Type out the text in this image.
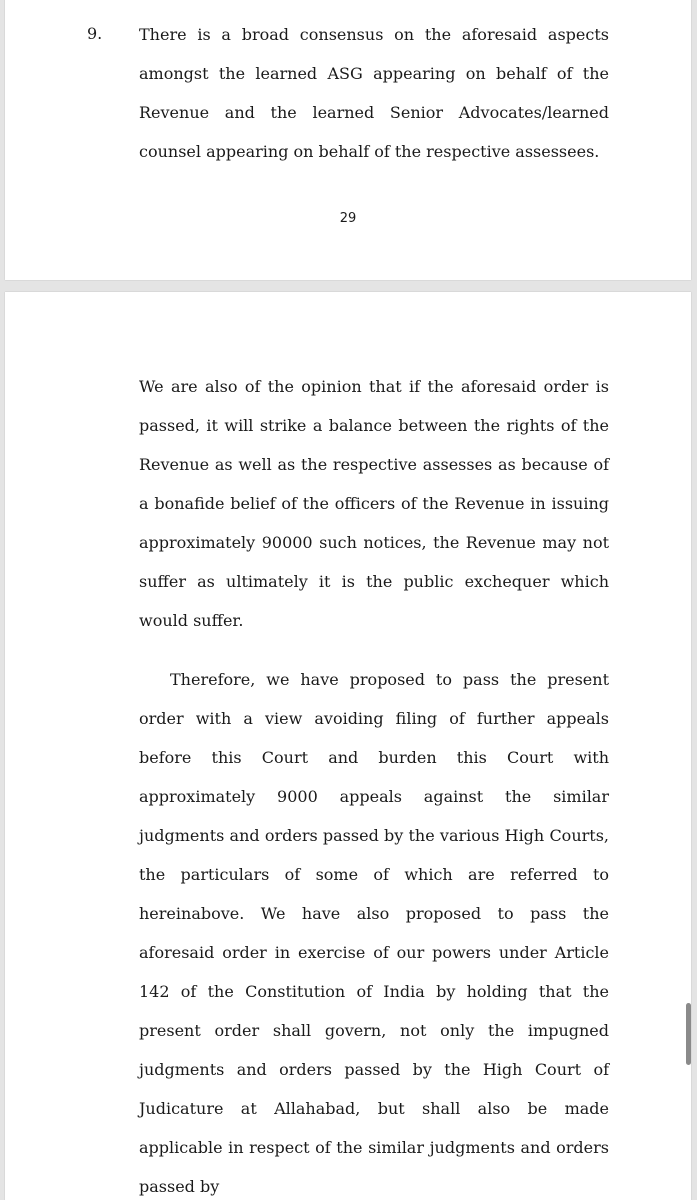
9. There is a broad consensus on the aforesaid aspects amongst the learned ASG appearing on behalf of the Revenue and the learned Senior Advocates/learned counsel appearing on behalf of the respective assessees.

29

We are also of the opinion that if the aforesaid order is passed, it will strike a balance between the rights of the Revenue as well as the respective assesses as because of a bonafide belief of the officers of the Revenue in issuing approximately 90000 such notices, the Revenue may not suffer as ultimately it is the public exchequer which would suffer.

Therefore, we have proposed to pass the present order with a view avoiding filing of further appeals before this Court and burden this Court with approximately 9000 appeals against the similar judgments and orders passed by the various High Courts, the particulars of some of which are referred to hereinabove. We have also proposed to pass the aforesaid order in exercise of our powers under Article 142 of the Constitution of India by holding that the present order shall govern, not only the impugned judgments and orders passed by the High Court of Judicature at Allahabad, but shall also be made applicable in respect of the similar judgments and orders passed by
